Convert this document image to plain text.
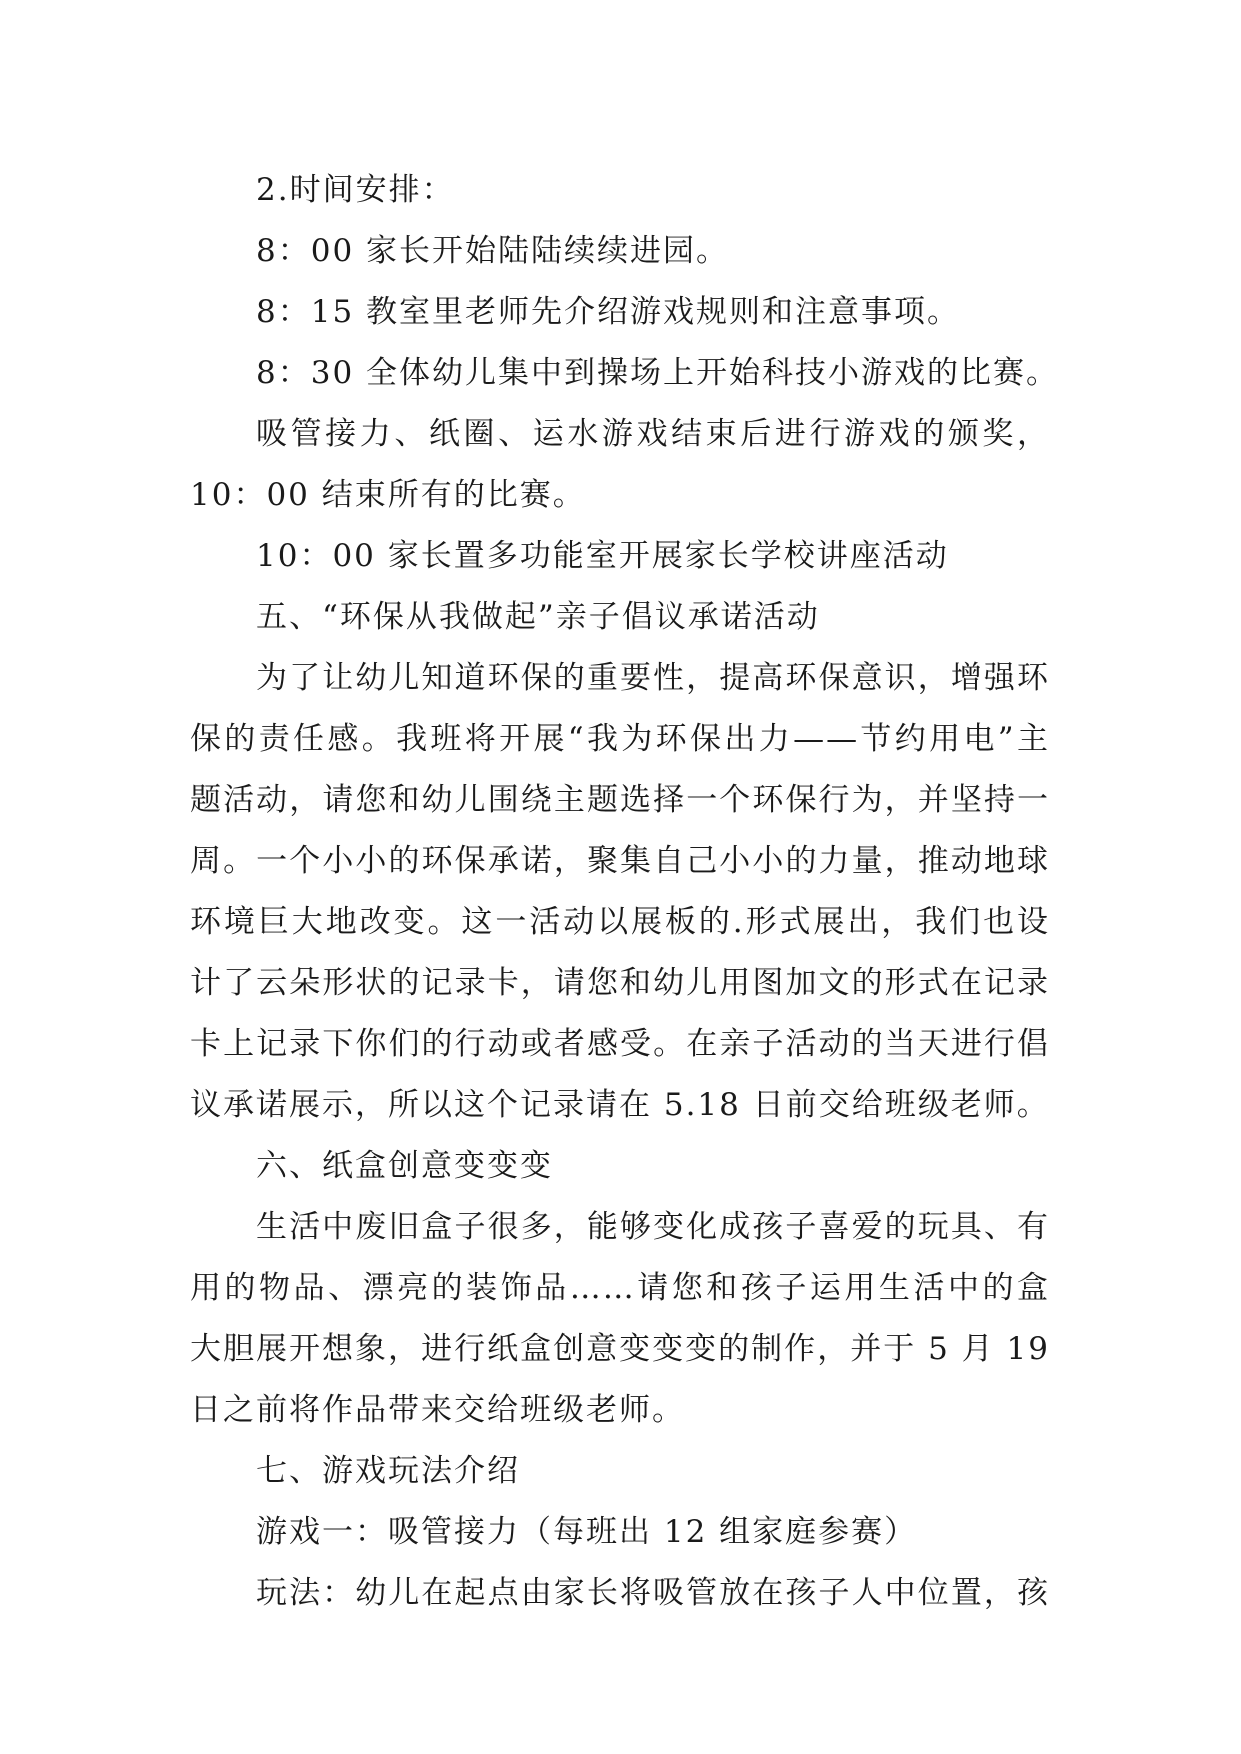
2.时间安排：
8：00 家长开始陆陆续续进园。
8：15 教室里老师先介绍游戏规则和注意事项。
8：30 全体幼儿集中到操场上开始科技小游戏的比赛。
吸管接力、纸圈、运水游戏结束后进行游戏的颁奖，
10：00 结束所有的比赛。
10：00 家长置多功能室开展家长学校讲座活动
五、“环保从我做起”亲子倡议承诺活动
为了让幼儿知道环保的重要性，提高环保意识，增强环
保的责任感。我班将开展“我为环保出力——节约用电”主
题活动，请您和幼儿围绕主题选择一个环保行为，并坚持一
周。一个小小的环保承诺，聚集自己小小的力量，推动地球
环境巨大地改变。这一活动以展板的.形式展出，我们也设
计了云朵形状的记录卡，请您和幼儿用图加文的形式在记录
卡上记录下你们的行动或者感受。在亲子活动的当天进行倡
议承诺展示，所以这个记录请在 5.18 日前交给班级老师。
六、纸盒创意变变变
生活中废旧盒子很多，能够变化成孩子喜爱的玩具、有
用的物品、漂亮的装饰品……请您和孩子运用生活中的盒
大胆展开想象，进行纸盒创意变变变的制作，并于 5 月 19
日之前将作品带来交给班级老师。
七、游戏玩法介绍
游戏一：吸管接力（每班出 12 组家庭参赛）
玩法：幼儿在起点由家长将吸管放在孩子人中位置，孩
